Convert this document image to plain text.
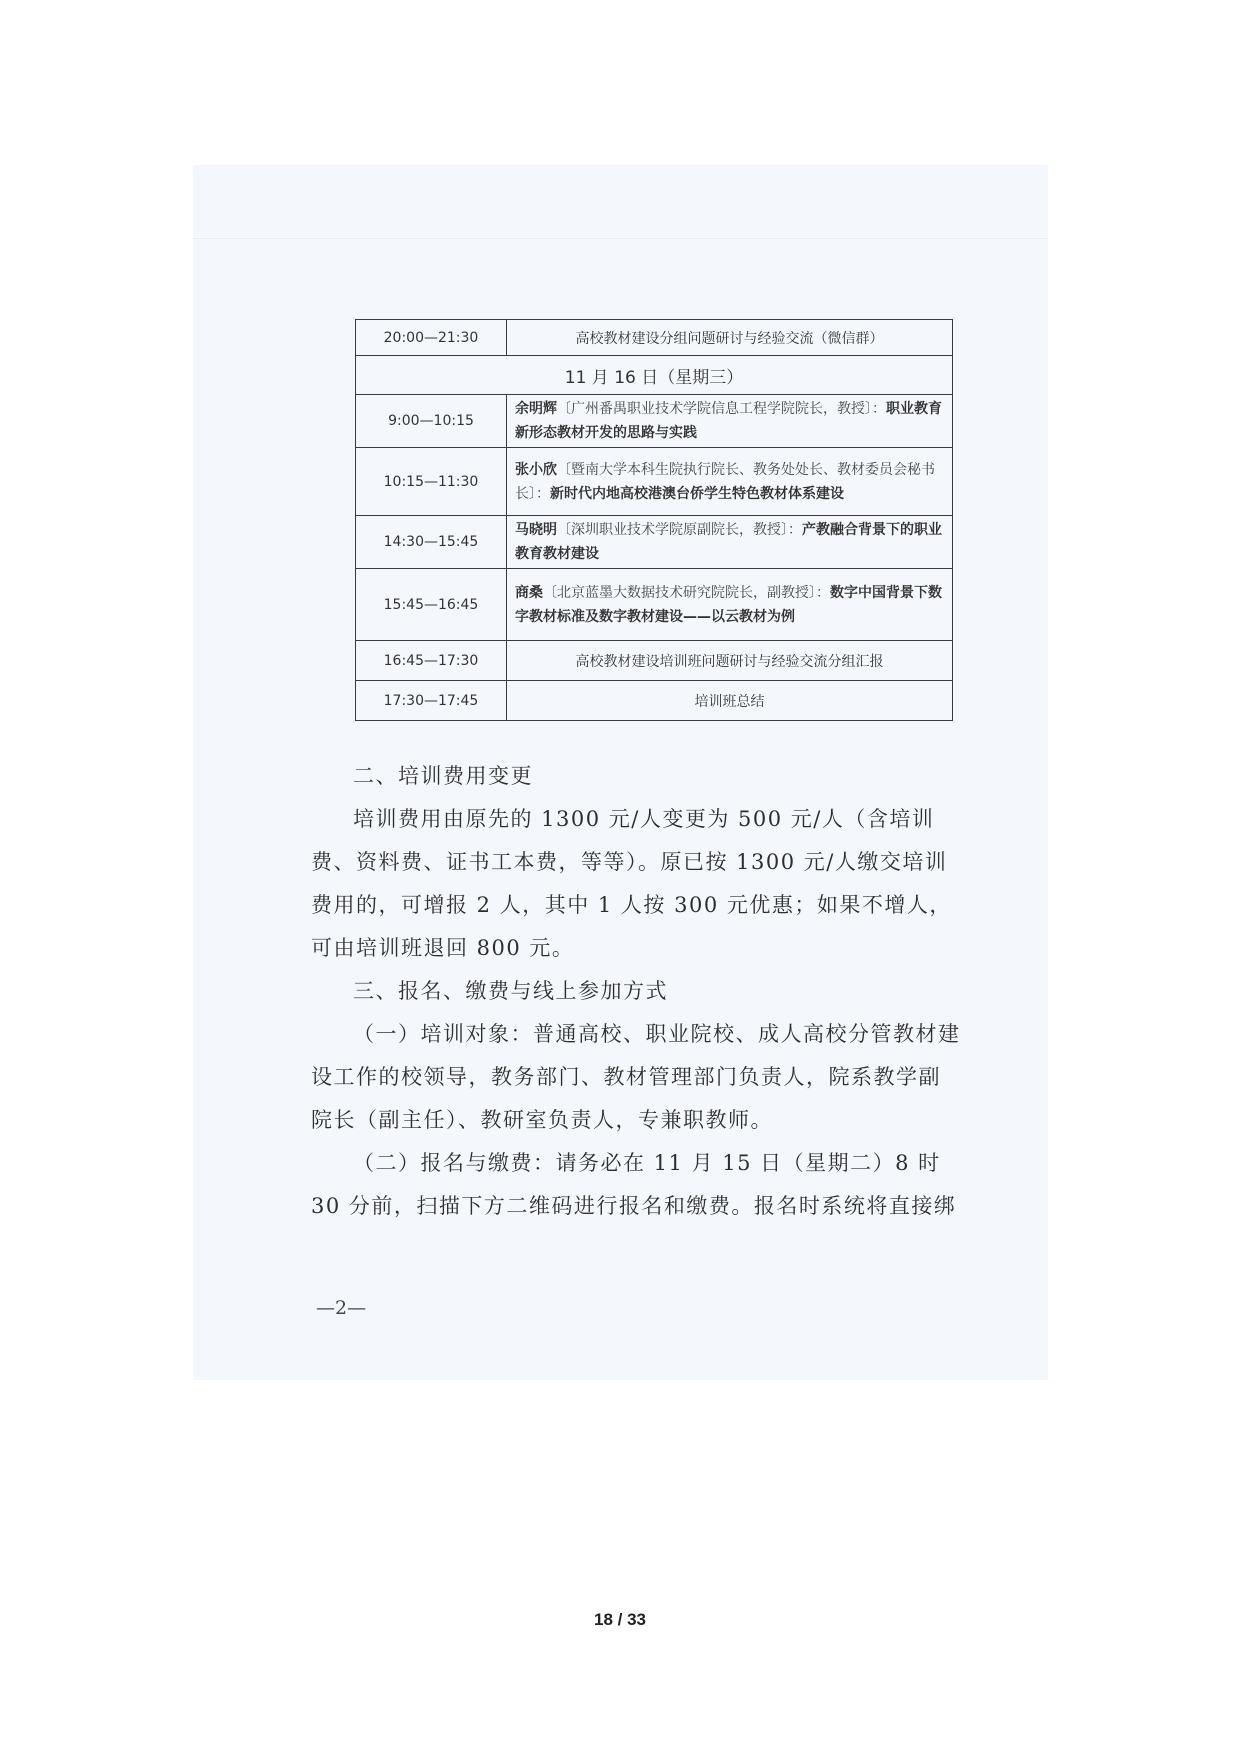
20:00—21:30	高校教材建设分组问题研讨与经验交流（微信群）
11 月 16 日（星期三）	
9:00—10:15	余明辉〔广州番禺职业技术学院信息工程学院院长，教授〕：职业教育新形态教材开发的思路与实践
10:15—11:30	张小欣〔暨南大学本科生院执行院长、教务处处长、教材委员会秘书长〕：新时代内地高校港澳台侨学生特色教材体系建设
14:30—15:45	马晓明〔深圳职业技术学院原副院长，教授〕：产教融合背景下的职业教育教材建设
15:45—16:45	商桑〔北京蓝墨大数据技术研究院院长，副教授〕：数字中国背景下数字教材标准及数字教材建设——以云教材为例
16:45—17:30	高校教材建设培训班问题研讨与经验交流分组汇报
17:30—17:45	培训班总结

二、培训费用变更

培训费用由原先的 1300 元/人变更为 500 元/人（含培训费、资料费、证书工本费，等等）。原已按 1300 元/人缴交培训费用的，可增报 2 人，其中 1 人按 300 元优惠；如果不增人，可由培训班退回 800 元。

三、报名、缴费与线上参加方式

（一）培训对象：普通高校、职业院校、成人高校分管教材建设工作的校领导，教务部门、教材管理部门负责人，院系教学副院长（副主任）、教研室负责人，专兼职教师。

（二）报名与缴费：请务必在 11 月 15 日（星期二）8 时 30 分前，扫描下方二维码进行报名和缴费。报名时系统将直接绑

—2—
18 / 33
